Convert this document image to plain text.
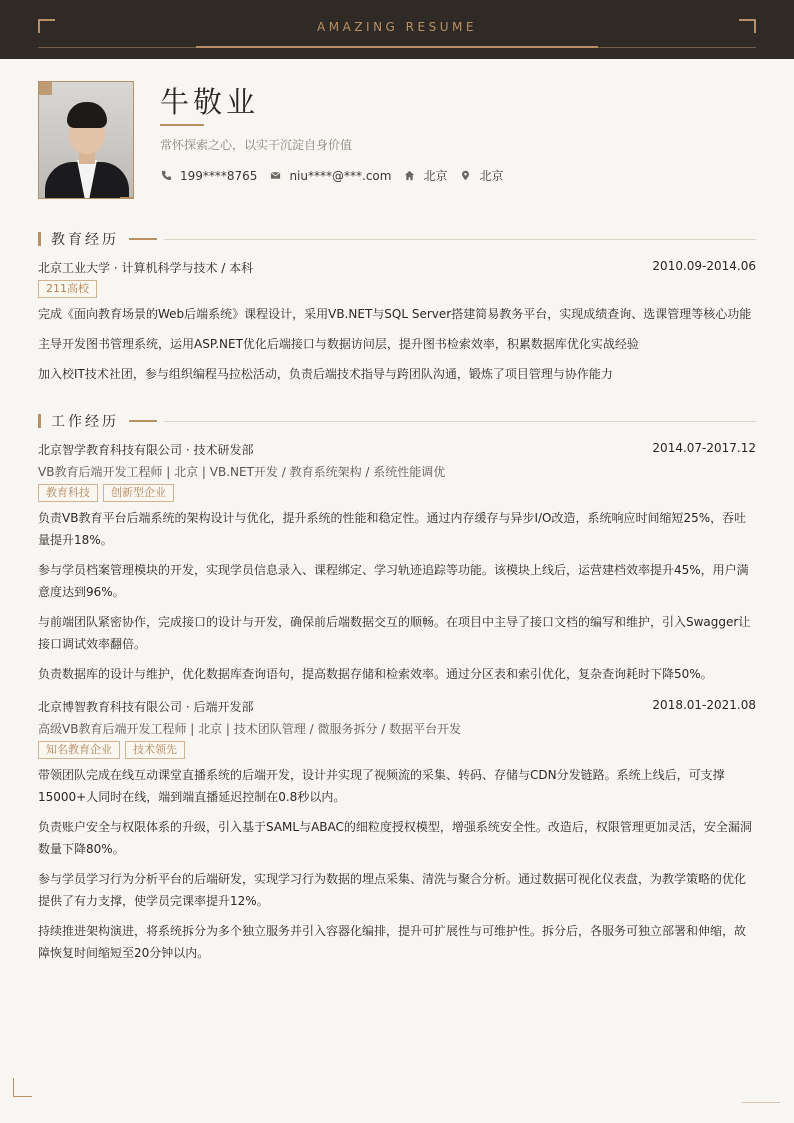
AMAZING RESUME
牛敬业
常怀探索之心，以实干沉淀自身价值
199****8765	niu****@***.com	北京	北京
教育经历
北京工业大学 · 计算机科学与技术 / 本科	2010.09-2014.06
211高校
完成《面向教育场景的Web后端系统》课程设计，采用VB.NET与SQL Server搭建简易教务平台，实现成绩查询、选课管理等核心功能
主导开发图书管理系统，运用ASP.NET优化后端接口与数据访问层，提升图书检索效率，积累数据库优化实战经验
加入校IT技术社团，参与组织编程马拉松活动，负责后端技术指导与跨团队沟通，锻炼了项目管理与协作能力
工作经历
北京智学教育科技有限公司 · 技术研发部	2014.07-2017.12
VB教育后端开发工程师 | 北京 | VB.NET开发 / 教育系统架构 / 系统性能调优
教育科技	创新型企业
负责VB教育平台后端系统的架构设计与优化，提升系统的性能和稳定性。通过内存缓存与异步I/O改造，系统响应时间缩短25%，吞吐量提升18%。
参与学员档案管理模块的开发，实现学员信息录入、课程绑定、学习轨迹追踪等功能。该模块上线后，运营建档效率提升45%，用户满意度达到96%。
与前端团队紧密协作，完成接口的设计与开发，确保前后端数据交互的顺畅。在项目中主导了接口文档的编写和维护，引入Swagger让接口调试效率翻倍。
负责数据库的设计与维护，优化数据库查询语句，提高数据存储和检索效率。通过分区表和索引优化，复杂查询耗时下降50%。
北京博智教育科技有限公司 · 后端开发部	2018.01-2021.08
高级VB教育后端开发工程师 | 北京 | 技术团队管理 / 微服务拆分 / 数据平台开发
知名教育企业	技术领先
带领团队完成在线互动课堂直播系统的后端开发，设计并实现了视频流的采集、转码、存储与CDN分发链路。系统上线后，可支撑15000+人同时在线，端到端直播延迟控制在0.8秒以内。
负责账户安全与权限体系的升级，引入基于SAML与ABAC的细粒度授权模型，增强系统安全性。改造后，权限管理更加灵活，安全漏洞数量下降80%。
参与学员学习行为分析平台的后端研发，实现学习行为数据的埋点采集、清洗与聚合分析。通过数据可视化仪表盘，为教学策略的优化提供了有力支撑，使学员完课率提升12%。
持续推进架构演进，将系统拆分为多个独立服务并引入容器化编排，提升可扩展性与可维护性。拆分后，各服务可独立部署和伸缩，故障恢复时间缩短至20分钟以内。
